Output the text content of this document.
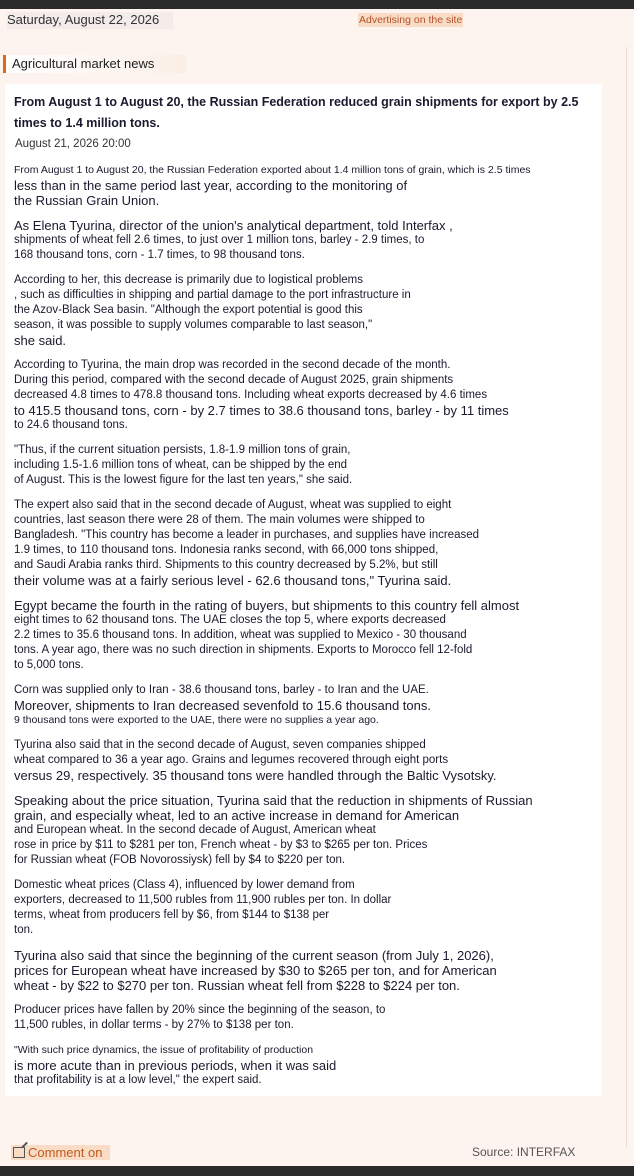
Saturday, August 22, 2026	Advertising on the site
Agricultural market news
From August 1 to August 20, the Russian Federation reduced grain shipments for export by 2.5 times to 1.4 million tons.
August 21, 2026 20:00
From August 1 to August 20, the Russian Federation exported about 1.4 million tons of grain, which is 2.5 times
less than in the same period last year, according to the monitoring of
the Russian Grain Union.
As Elena Tyurina, director of the union's analytical department, told Interfax ,
shipments of wheat fell 2.6 times, to just over 1 million tons, barley - 2.9 times, to
168 thousand tons, corn - 1.7 times, to 98 thousand tons.
According to her, this decrease is primarily due to logistical problems
, such as difficulties in shipping and partial damage to the port infrastructure in
the Azov-Black Sea basin. "Although the export potential is good this
season, it was possible to supply volumes comparable to last season,"
she said.
According to Tyurina, the main drop was recorded in the second decade of the month.
During this period, compared with the second decade of August 2025, grain shipments
decreased 4.8 times to 478.8 thousand tons. Including wheat exports decreased by 4.6 times
to 415.5 thousand tons, corn - by 2.7 times to 38.6 thousand tons, barley - by 11 times
to 24.6 thousand tons.
"Thus, if the current situation persists, 1.8-1.9 million tons of grain,
including 1.5-1.6 million tons of wheat, can be shipped by the end
of August. This is the lowest figure for the last ten years," she said.
The expert also said that in the second decade of August, wheat was supplied to eight
countries, last season there were 28 of them. The main volumes were shipped to
Bangladesh. "This country has become a leader in purchases, and supplies have increased
1.9 times, to 110 thousand tons. Indonesia ranks second, with 66,000 tons shipped,
and Saudi Arabia ranks third. Shipments to this country decreased by 5.2%, but still
their volume was at a fairly serious level - 62.6 thousand tons," Tyurina said.
Egypt became the fourth in the rating of buyers, but shipments to this country fell almost
eight times to 62 thousand tons. The UAE closes the top 5, where exports decreased
2.2 times to 35.6 thousand tons. In addition, wheat was supplied to Mexico - 30 thousand
tons. A year ago, there was no such direction in shipments. Exports to Morocco fell 12-fold
to 5,000 tons.
Corn was supplied only to Iran - 38.6 thousand tons, barley - to Iran and the UAE.
Moreover, shipments to Iran decreased sevenfold to 15.6 thousand tons.
9 thousand tons were exported to the UAE, there were no supplies a year ago.
Tyurina also said that in the second decade of August, seven companies shipped
wheat compared to 36 a year ago. Grains and legumes recovered through eight ports
versus 29, respectively. 35 thousand tons were handled through the Baltic Vysotsky.
Speaking about the price situation, Tyurina said that the reduction in shipments of Russian
grain, and especially wheat, led to an active increase in demand for American
and European wheat. In the second decade of August, American wheat
rose in price by $11 to $281 per ton, French wheat - by $3 to $265 per ton. Prices
for Russian wheat (FOB Novorossiysk) fell by $4 to $220 per ton.
Domestic wheat prices (Class 4), influenced by lower demand from
exporters, decreased to 11,500 rubles from 11,900 rubles per ton. In dollar
terms, wheat from producers fell by $6, from $144 to $138 per
ton.
Tyurina also said that since the beginning of the current season (from July 1, 2026),
prices for European wheat have increased by $30 to $265 per ton, and for American
wheat - by $22 to $270 per ton. Russian wheat fell from $228 to $224 per ton.
Producer prices have fallen by 20% since the beginning of the season, to
11,500 rubles, in dollar terms - by 27% to $138 per ton.
"With such price dynamics, the issue of profitability of production
is more acute than in previous periods, when it was said
that profitability is at a low level," the expert said.
Comment on	Source: INTERFAX
